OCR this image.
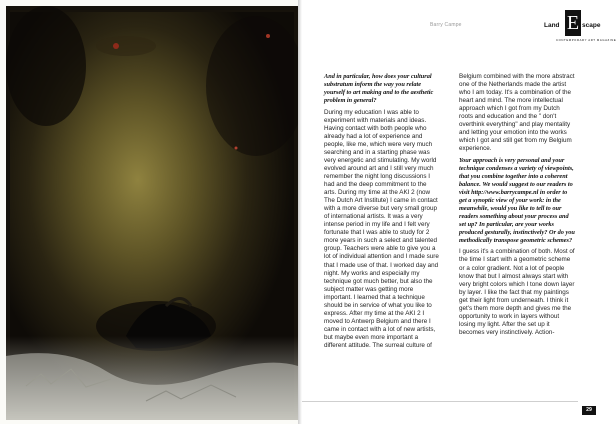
Barry Campe	Land E scape
CONTEMPORARY ART MAGAZINE

And in particular, how does your cultural substratum inform the way you relate yourself to art making and to the aesthetic problem in general?

During my education I was able to experiment with materials and ideas. Having contact with both people who already had a lot of experience and people, like me, which were very much searching and in a starting phase was very energetic and stimulating. My world evolved around art and I still very much remember the night long discussions I had and the deep commitment to the arts. During my time at the AKI 2 (now The Dutch Art Institute) I came in contact with a more diverse but very small group of international artists. It was a very intense period in my life and I felt very fortunate that I was able to study for 2 more years in such a select and talented group. Teachers were able to give you a lot of individual attention and I made sure that I made use of that. I worked day and night. My works and especially my technique got much better, but also the subject matter was getting more important. I learned that a technique should be in service of what you like to express. After my time at the AKI 2 I moved to Antwerp Belgium and there I came in contact with a lot of new artists, but maybe even more important a different attitude. The surreal culture of

Belgium combined with the more abstract one of the Netherlands made the artist who I am today. It's a combination of the heart and mind. The more intellectual approach which I got from my Dutch roots and education and the " don't overthink everything" and play mentality and letting your emotion into the works which I got and still get from my Belgium experience.

Your approach is very personal and your technique condenses a variety of viewpoints, that you combine together into a coherent balance. We would suggest to our readers to visit http://www.barrycampe.nl in order to get a synoptic view of your work: in the meanwhile, would you like to tell to our readers something about your process and set up? In particular, are your works produced gesturally, instinctively? Or do you methodically transpose geometric schemes?

I guess it's a combination of both. Most of the time I start with a geometric scheme or a color gradient. Not a lot of people know that but I almost always start with very bright colors which I tone down layer by layer. I like the fact that my paintings get their light from underneath. I think it get's them more depth and gives me the opportunity to work in layers without losing my light. After the set up it becomes very instinctively. Action-

29
